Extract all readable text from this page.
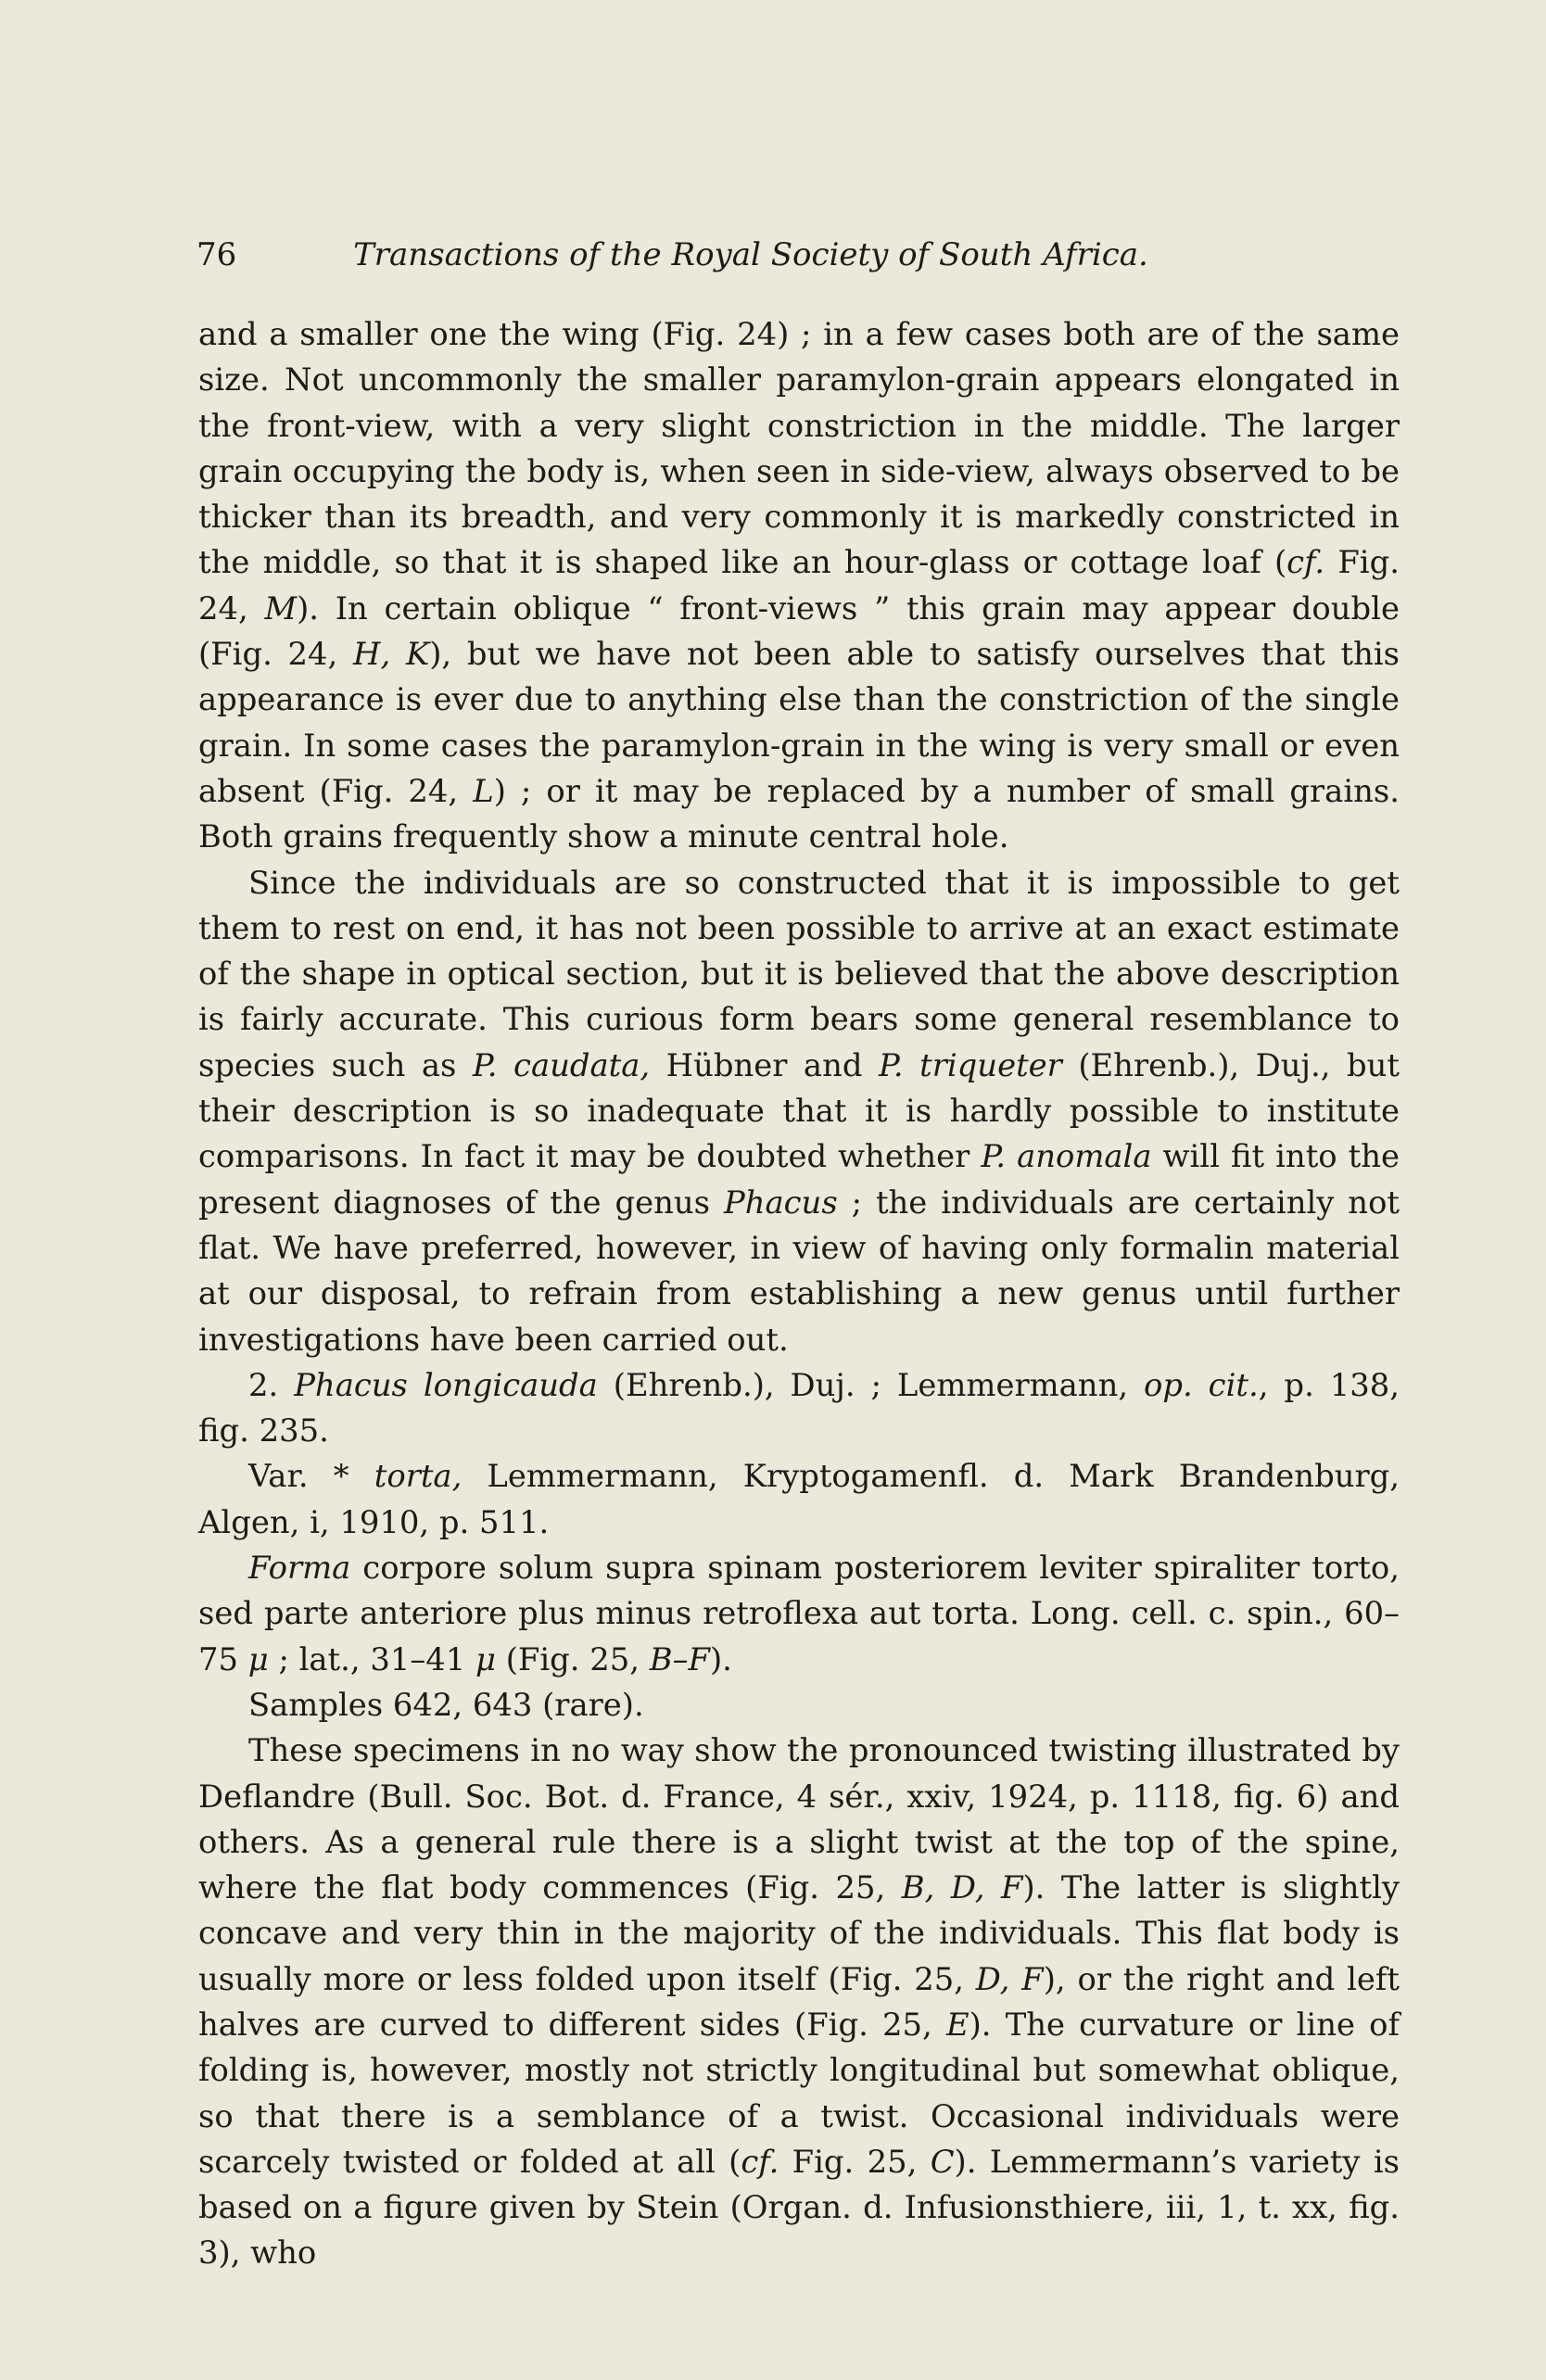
76	Transactions of the Royal Society of South Africa.

and a smaller one the wing (Fig. 24) ; in a few cases both are of the same size. Not uncommonly the smaller paramylon-grain appears elongated in the front-view, with a very slight constriction in the middle. The larger grain occupying the body is, when seen in side-view, always observed to be thicker than its breadth, and very commonly it is markedly constricted in the middle, so that it is shaped like an hour-glass or cottage loaf (cf. Fig. 24, M). In certain oblique “ front-views ” this grain may appear double (Fig. 24, H, K), but we have not been able to satisfy ourselves that this appearance is ever due to anything else than the constriction of the single grain. In some cases the paramylon-grain in the wing is very small or even absent (Fig. 24, L) ; or it may be replaced by a number of small grains. Both grains frequently show a minute central hole.

Since the individuals are so constructed that it is impossible to get them to rest on end, it has not been possible to arrive at an exact estimate of the shape in optical section, but it is believed that the above description is fairly accurate. This curious form bears some general resemblance to species such as P. caudata, Hübner and P. triqueter (Ehrenb.), Duj., but their description is so inadequate that it is hardly possible to institute comparisons. In fact it may be doubted whether P. anomala will fit into the present diagnoses of the genus Phacus ; the individuals are certainly not flat. We have preferred, however, in view of having only formalin material at our disposal, to refrain from establishing a new genus until further investigations have been carried out.

2. Phacus longicauda (Ehrenb.), Duj. ; Lemmermann, op. cit., p. 138, fig. 235.

Var. * torta, Lemmermann, Kryptogamenfl. d. Mark Brandenburg, Algen, i, 1910, p. 511.

Forma corpore solum supra spinam posteriorem leviter spiraliter torto, sed parte anteriore plus minus retroflexa aut torta. Long. cell. c. spin., 60–75 μ ; lat., 31–41 μ (Fig. 25, B–F).

Samples 642, 643 (rare).

These specimens in no way show the pronounced twisting illustrated by Deflandre (Bull. Soc. Bot. d. France, 4 sér., xxiv, 1924, p. 1118, fig. 6) and others. As a general rule there is a slight twist at the top of the spine, where the flat body commences (Fig. 25, B, D, F). The latter is slightly concave and very thin in the majority of the individuals. This flat body is usually more or less folded upon itself (Fig. 25, D, F), or the right and left halves are curved to different sides (Fig. 25, E). The curvature or line of folding is, however, mostly not strictly longitudinal but somewhat oblique, so that there is a semblance of a twist. Occasional individuals were scarcely twisted or folded at all (cf. Fig. 25, C). Lemmermann’s variety is based on a figure given by Stein (Organ. d. Infusionsthiere, iii, 1, t. xx, fig. 3), who
